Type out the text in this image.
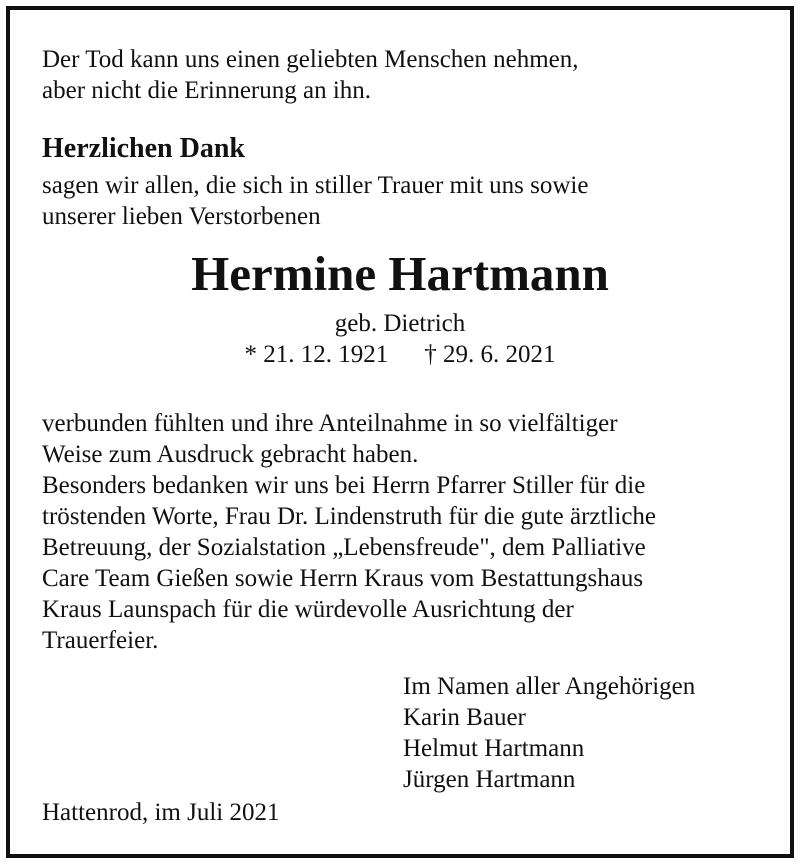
Der Tod kann uns einen geliebten Menschen nehmen,
aber nicht die Erinnerung an ihn.
Herzlichen Dank
sagen wir allen, die sich in stiller Trauer mit uns sowie
unserer lieben Verstorbenen
Hermine Hartmann
geb. Dietrich
* 21. 12. 1921 † 29. 6. 2021
verbunden fühlten und ihre Anteilnahme in so vielfältiger
Weise zum Ausdruck gebracht haben.
Besonders bedanken wir uns bei Herrn Pfarrer Stiller für die
tröstenden Worte, Frau Dr. Lindenstruth für die gute ärztliche
Betreuung, der Sozialstation „Lebensfreude", dem Palliative
Care Team Gießen sowie Herrn Kraus vom Bestattungshaus
Kraus Launspach für die würdevolle Ausrichtung der
Trauerfeier.
Im Namen aller Angehörigen
Karin Bauer
Helmut Hartmann
Jürgen Hartmann
Hattenrod, im Juli 2021
